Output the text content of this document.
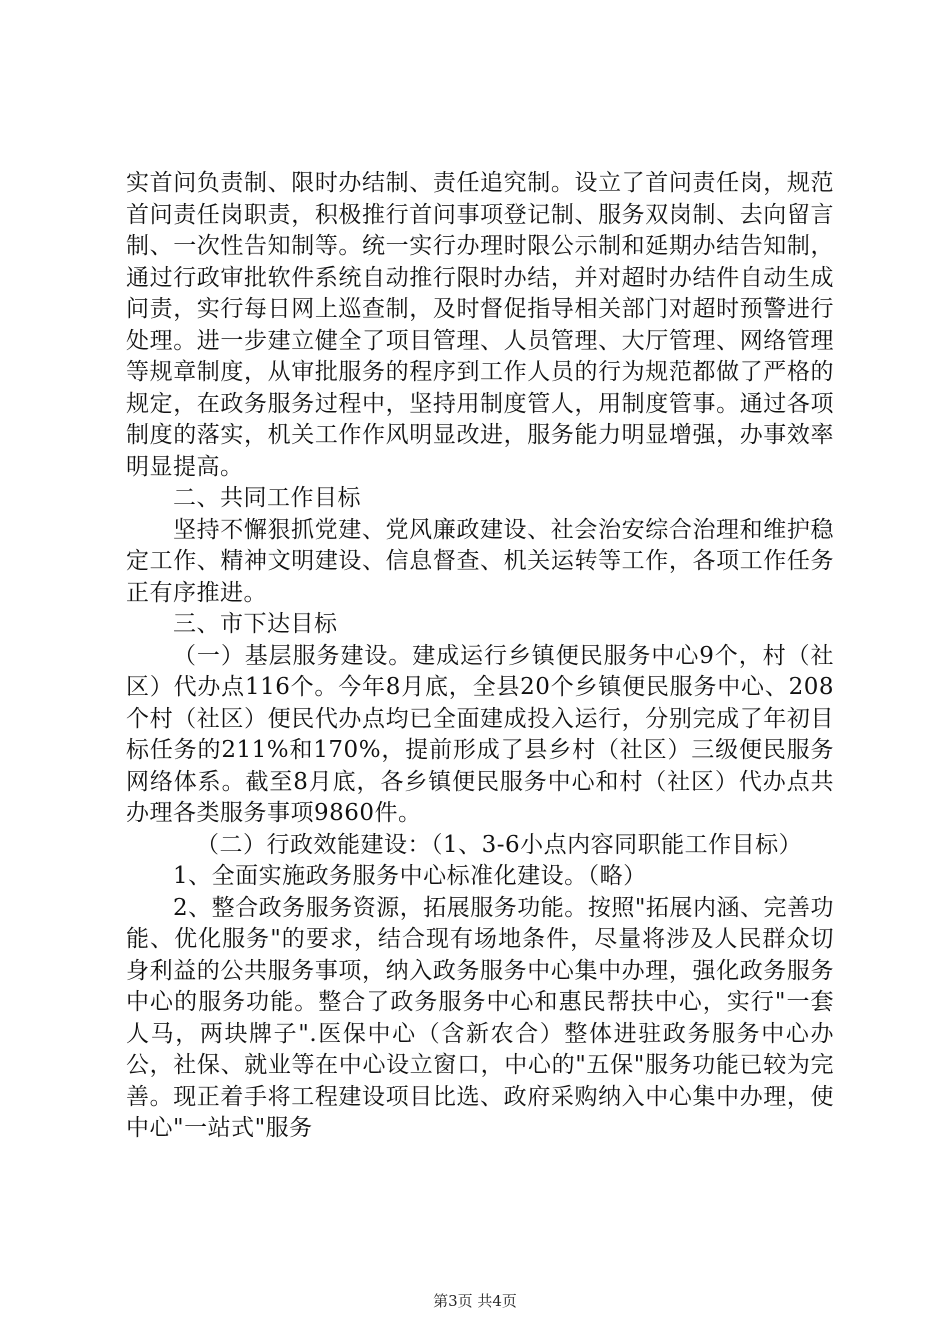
实首问负责制、限时办结制、责任追究制。设立了首问责任岗，规范首问责任岗职责，积极推行首问事项登记制、服务双岗制、去向留言制、一次性告知制等。统一实行办理时限公示制和延期办结告知制，通过行政审批软件系统自动推行限时办结，并对超时办结件自动生成问责，实行每日网上巡查制，及时督促指导相关部门对超时预警进行处理。进一步建立健全了项目管理、人员管理、大厅管理、网络管理等规章制度，从审批服务的程序到工作人员的行为规范都做了严格的规定，在政务服务过程中，坚持用制度管人，用制度管事。通过各项制度的落实，机关工作作风明显改进，服务能力明显增强，办事效率明显提高。

二、共同工作目标

坚持不懈狠抓党建、党风廉政建设、社会治安综合治理和维护稳定工作、精神文明建设、信息督查、机关运转等工作，各项工作任务正有序推进。

三、市下达目标

（一）基层服务建设。建成运行乡镇便民服务中心9个，村（社区）代办点116个。今年8月底，全县20个乡镇便民服务中心、208个村（社区）便民代办点均已全面建成投入运行，分别完成了年初目标任务的211%和170%，提前形成了县乡村（社区）三级便民服务网络体系。截至8月底，各乡镇便民服务中心和村（社区）代办点共办理各类服务事项9860件。

（二）行政效能建设：（1、3-6小点内容同职能工作目标）

1、全面实施政务服务中心标准化建设。（略）

2、整合政务服务资源，拓展服务功能。按照"拓展内涵、完善功能、优化服务"的要求，结合现有场地条件，尽量将涉及人民群众切身利益的公共服务事项，纳入政务服务中心集中办理，强化政务服务中心的服务功能。整合了政务服务中心和惠民帮扶中心，实行"一套人马，两块牌子".医保中心（含新农合）整体进驻政务服务中心办公，社保、就业等在中心设立窗口，中心的"五保"服务功能已较为完善。现正着手将工程建设项目比选、政府采购纳入中心集中办理，使中心"一站式"服务

第3页 共4页
